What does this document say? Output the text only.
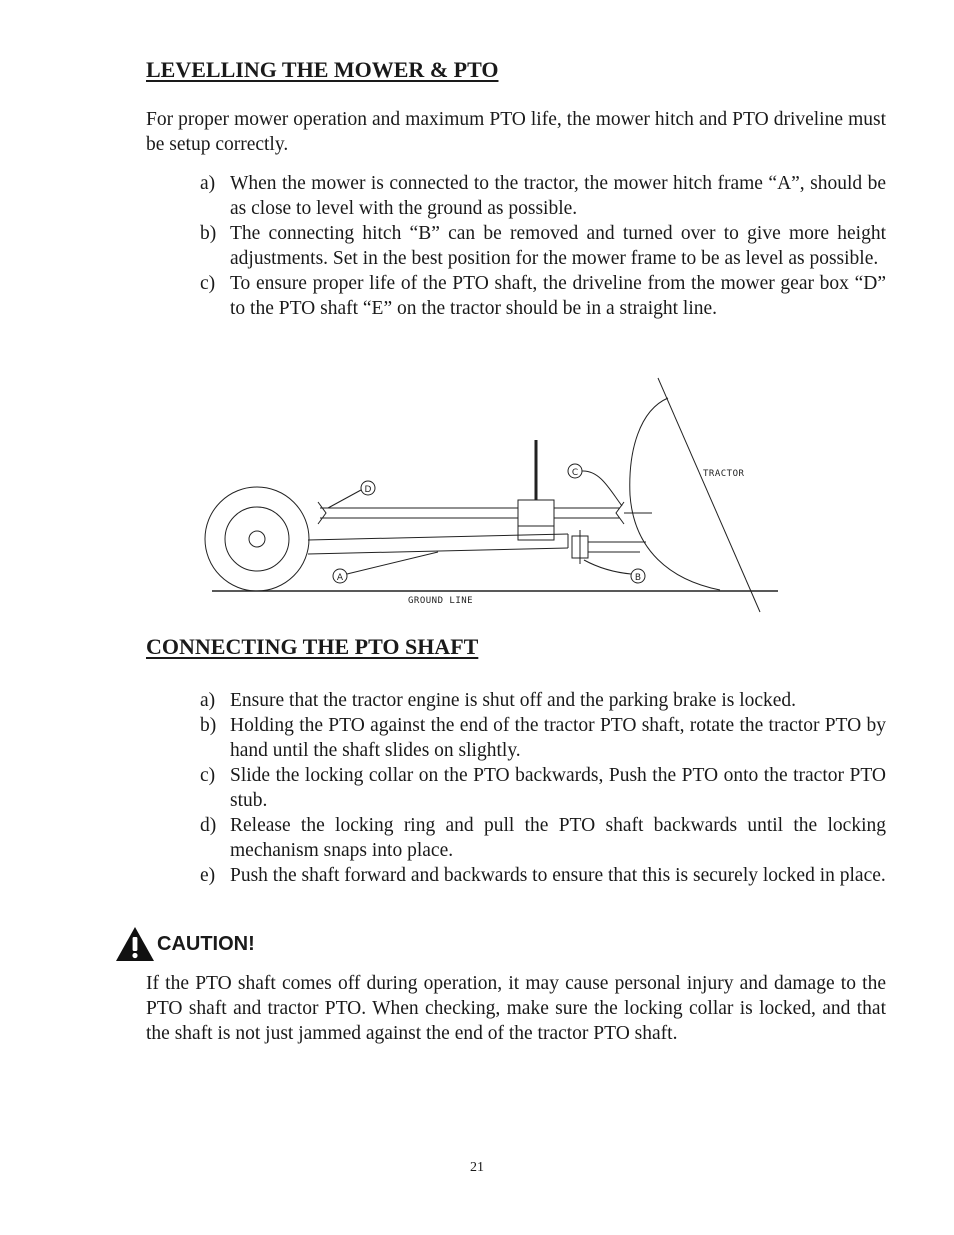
LEVELLING THE MOWER & PTO

For proper mower operation and maximum PTO life, the mower hitch and PTO driveline must be setup correctly.

a) When the mower is connected to the tractor, the mower hitch frame “A”, should be as close to level with the ground as possible.
b) The connecting hitch “B” can be removed and turned over to give more height adjustments. Set in the best position for the mower frame to be as level as possible.
c) To ensure proper life of the PTO shaft, the driveline from the mower gear box “D” to the PTO shaft “E” on the tractor should be in a straight line.
D
C
A	B
TRACTOR
GROUND LINE
CONNECTING THE PTO SHAFT
a) Ensure that the tractor engine is shut off and the parking brake is locked.
b) Holding the PTO against the end of the tractor PTO shaft, rotate the tractor PTO by hand until the shaft slides on slightly.
c) Slide the locking collar on the PTO backwards, Push the PTO onto the tractor PTO stub.
d) Release the locking ring and pull the PTO shaft backwards until the locking mechanism snaps into place.
e) Push the shaft forward and backwards to ensure that this is securely locked in place.
CAUTION!

If the PTO shaft comes off during operation, it may cause personal injury and damage to the PTO shaft and tractor PTO. When checking, make sure the locking collar is locked, and that the shaft is not just jammed against the end of the tractor PTO shaft.

21
